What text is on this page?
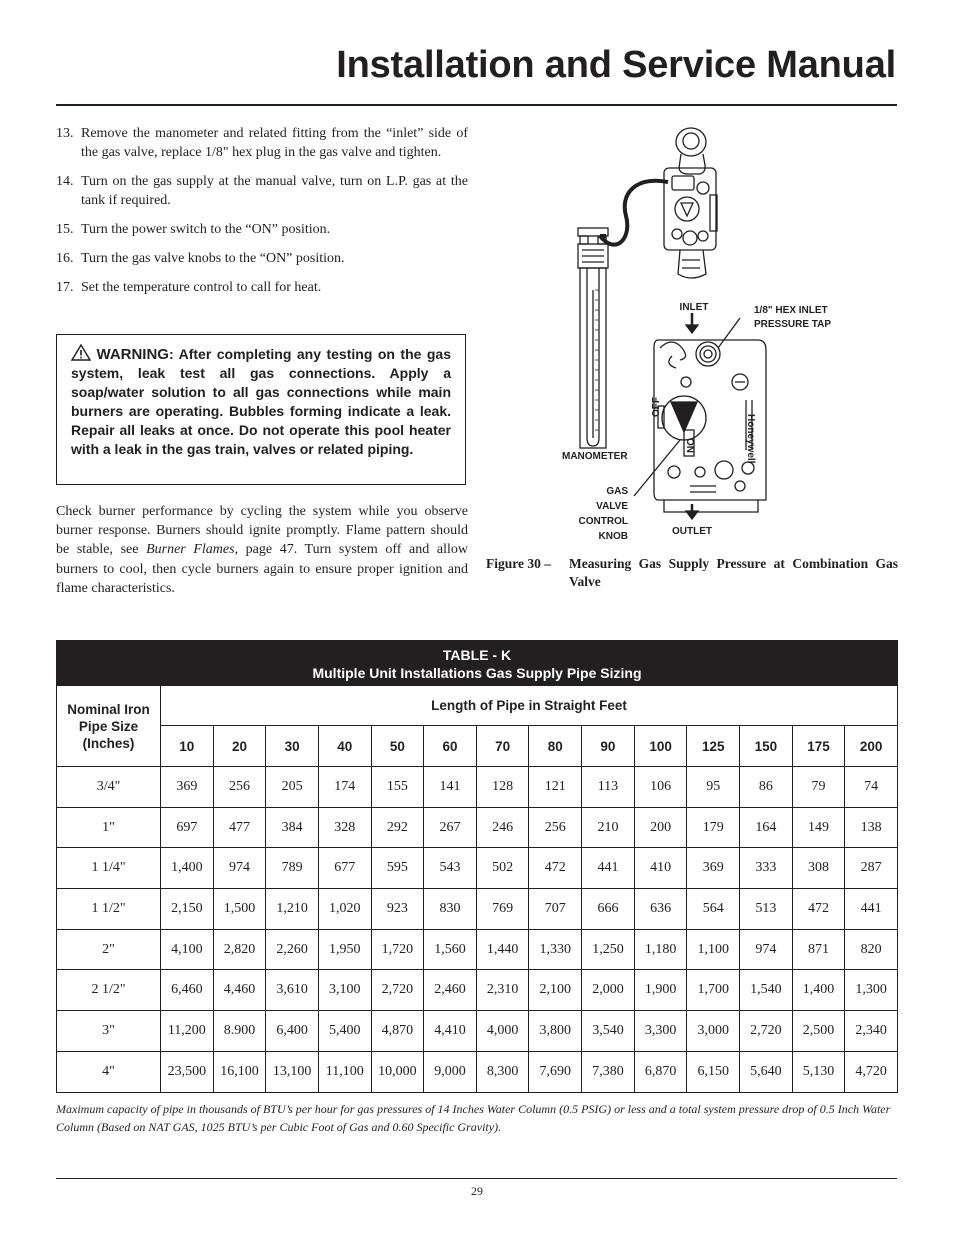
Installation and Service Manual
13. Remove the manometer and related fitting from the “inlet” side of the gas valve, replace 1/8" hex plug in the gas valve and tighten.
14. Turn on the gas supply at the manual valve, turn on L.P. gas at the tank if required.
15. Turn the power switch to the “ON” position.
16. Turn the gas valve knobs to the “ON” position.
17. Set the temperature control to call for heat.
WARNING: After completing any testing on the gas system, leak test all gas connections. Apply a soap/water solution to all gas connections while main burners are operating. Bubbles forming indicate a leak. Repair all leaks at once. Do not operate this pool heater with a leak in the gas train, valves or related piping.

Check burner performance by cycling the system while you observe burner response. Burners should ignite promptly. Flame pattern should be stable, see Burner Flames, page 47. Turn system off and allow burners to cool, then cycle burners again to ensure proper ignition and flame characteristics.

INLET	1/8" HEX INLET
PRESSURE TAP
MANOMETER
GAS
VALVE
CONTROL
KNOB	OUTLET
Honeywell
OFF
ON
Figure 30 –	Measuring Gas Supply Pressure at Combination Gas Valve
TABLE - K
Multiple Unit Installations Gas Supply Pipe Sizing														
Nominal Iron Pipe Size (Inches)	Length of Pipe in Straight Feet													
	10	20	30	40	50	60	70	80	90	100	125	150	175	200
3/4"	369	256	205	174	155	141	128	121	113	106	95	86	79	74
1"	697	477	384	328	292	267	246	256	210	200	179	164	149	138
1 1/4"	1,400	974	789	677	595	543	502	472	441	410	369	333	308	287
1 1/2"	2,150	1,500	1,210	1,020	923	830	769	707	666	636	564	513	472	441
2"	4,100	2,820	2,260	1,950	1,720	1,560	1,440	1,330	1,250	1,180	1,100	974	871	820
2 1/2"	6,460	4,460	3,610	3,100	2,720	2,460	2,310	2,100	2,000	1,900	1,700	1,540	1,400	1,300
3"	11,200	8.900	6,400	5,400	4,870	4,410	4,000	3,800	3,540	3,300	3,000	2,720	2,500	2,340
4"	23,500	16,100	13,100	11,100	10,000	9,000	8,300	7,690	7,380	6,870	6,150	5,640	5,130	4,720

Maximum capacity of pipe in thousands of BTU’s per hour for gas pressures of 14 Inches Water Column (0.5 PSIG) or less and a total system pressure drop of 0.5 Inch Water Column (Based on NAT GAS, 1025 BTU’s per Cubic Foot of Gas and 0.60 Specific Gravity).

29
